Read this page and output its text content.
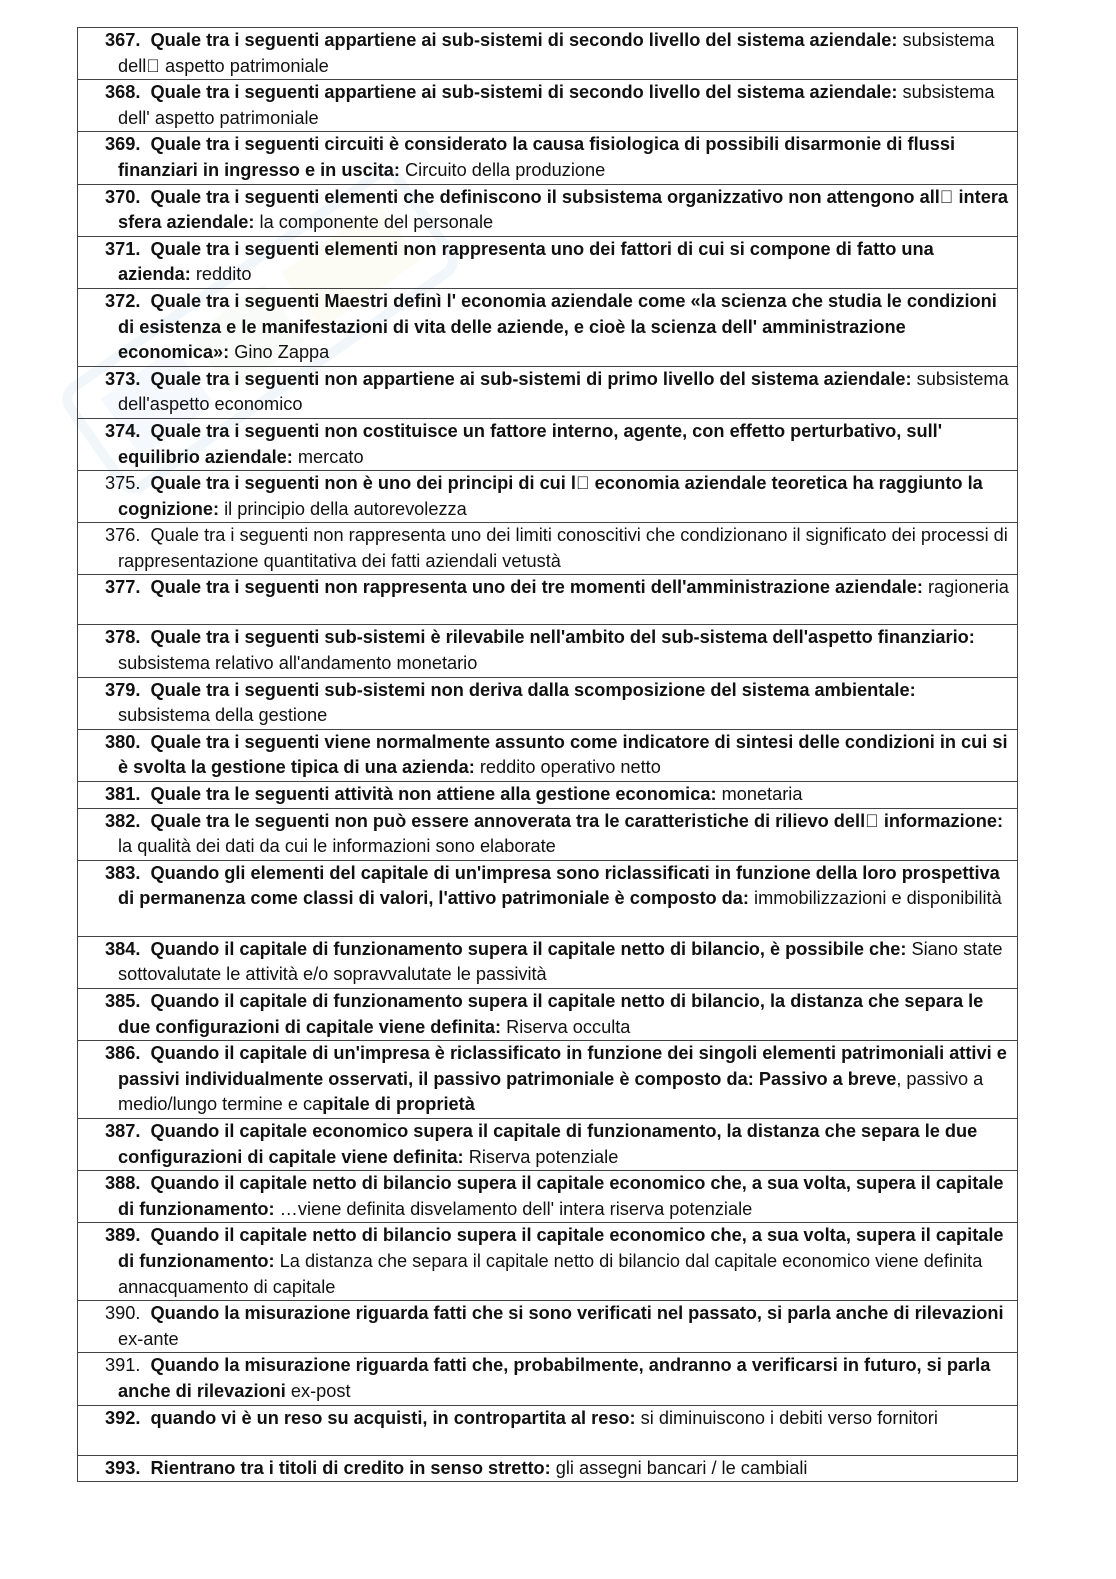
367. Quale tra i seguenti appartiene ai sub-sistemi di secondo livello del sistema aziendale: subsistema dell  aspetto patrimoniale
368. Quale tra i seguenti appartiene ai sub-sistemi di secondo livello del sistema aziendale: subsistema dell' aspetto patrimoniale
369. Quale tra i seguenti circuiti è considerato la causa fisiologica di possibili disarmonie di flussi finanziari in ingresso e in uscita: Circuito della produzione
370. Quale tra i seguenti elementi che definiscono il subsistema organizzativo non attengono all  intera sfera aziendale: la componente del personale
371. Quale tra i seguenti elementi non rappresenta uno dei fattori di cui si compone di fatto una azienda: reddito
372. Quale tra i seguenti Maestri definì l' economia aziendale come «la scienza che studia le condizioni di esistenza e le manifestazioni di vita delle aziende, e cioè la scienza dell' amministrazione economica»: Gino Zappa
373. Quale tra i seguenti non appartiene ai sub-sistemi di primo livello del sistema aziendale: subsistema dell'aspetto economico
374. Quale tra i seguenti non costituisce un fattore interno, agente, con effetto perturbativo, sull' equilibrio aziendale: mercato
375. Quale tra i seguenti non è uno dei principi di cui l  economia aziendale teoretica ha raggiunto la cognizione: il principio della autorevolezza
376. Quale tra i seguenti non rappresenta uno dei limiti conoscitivi che condizionano il significato dei processi di rappresentazione quantitativa dei fatti aziendali vetustà
377. Quale tra i seguenti non rappresenta uno dei tre momenti dell'amministrazione aziendale: ragioneria
378. Quale tra i seguenti sub-sistemi è rilevabile nell'ambito del sub-sistema dell'aspetto finanziario: subsistema relativo all'andamento monetario
379. Quale tra i seguenti sub-sistemi non deriva dalla scomposizione del sistema ambientale: subsistema della gestione
380. Quale tra i seguenti viene normalmente assunto come indicatore di sintesi delle condizioni in cui si è svolta la gestione tipica di una azienda: reddito operativo netto
381. Quale tra le seguenti attività non attiene alla gestione economica: monetaria
382. Quale tra le seguenti non può essere annoverata tra le caratteristiche di rilievo dell  informazione: la qualità dei dati da cui le informazioni sono elaborate
383. Quando gli elementi del capitale di un'impresa sono riclassificati in funzione della loro prospettiva di permanenza come classi di valori, l'attivo patrimoniale è composto da: immobilizzazioni e disponibilità
384. Quando il capitale di funzionamento supera il capitale netto di bilancio, è possibile che: Siano state sottovalutate le attività e/o sopravvalutate le passività
385. Quando il capitale di funzionamento supera il capitale netto di bilancio, la distanza che separa le due configurazioni di capitale viene definita: Riserva occulta
386. Quando il capitale di un'impresa è riclassificato in funzione dei singoli elementi patrimoniali attivi e passivi individualmente osservati, il passivo patrimoniale è composto da: Passivo a breve, passivo a medio/lungo termine e capitale di proprietà
387. Quando il capitale economico supera il capitale di funzionamento, la distanza che separa le due configurazioni di capitale viene definita: Riserva potenziale
388. Quando il capitale netto di bilancio supera il capitale economico che, a sua volta, supera il capitale di funzionamento: …viene definita disvelamento dell' intera riserva potenziale
389. Quando il capitale netto di bilancio supera il capitale economico che, a sua volta, supera il capitale di funzionamento: La distanza che separa il capitale netto di bilancio dal capitale economico viene definita annacquamento di capitale
390. Quando la misurazione riguarda fatti che si sono verificati nel passato, si parla anche di rilevazioni ex-ante
391. Quando la misurazione riguarda fatti che, probabilmente, andranno a verificarsi in futuro, si parla anche di rilevazioni ex-post
392. quando vi è un reso su acquisti, in contropartita al reso: si diminuiscono i debiti verso fornitori
393. Rientrano tra i titoli di credito in senso stretto: gli assegni bancari / le cambiali
